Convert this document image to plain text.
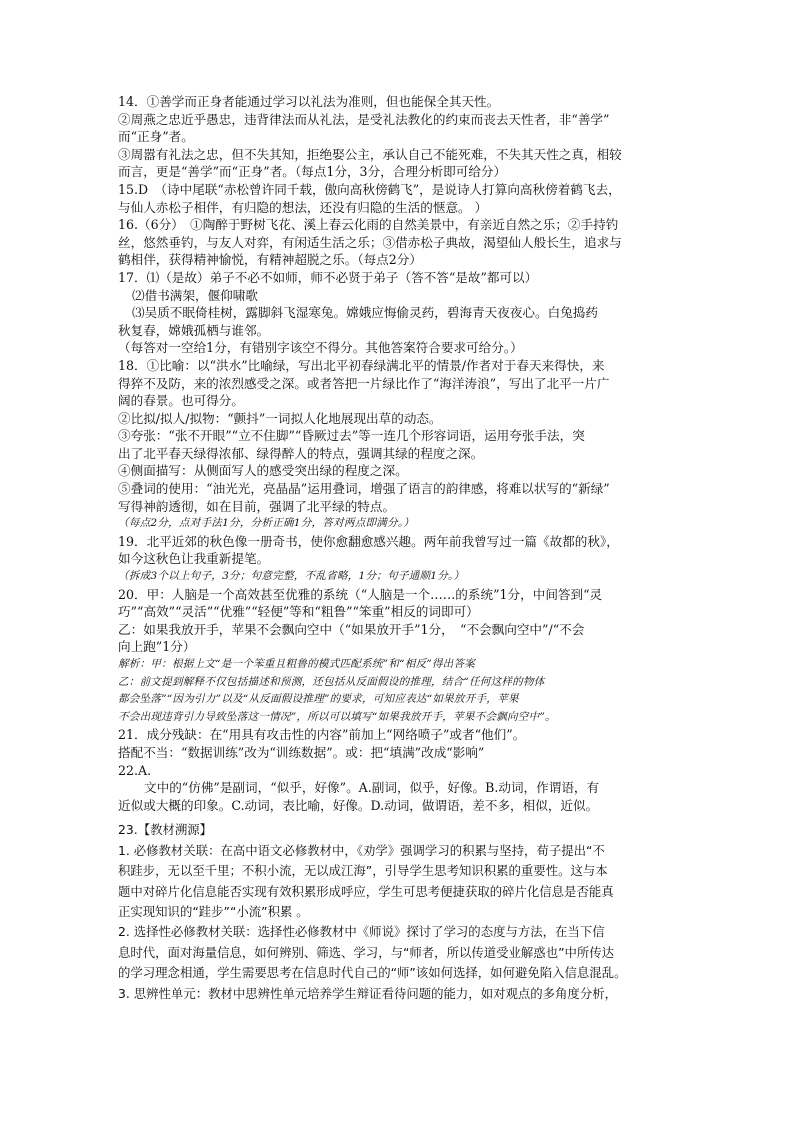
14．①善学而正身者能通过学习以礼法为准则，但也能保全其天性。
②周燕之忠近乎愚忠，违背律法而从礼法，是受礼法教化的约束而丧去天性者，非“善学”
而“正身”者。
③周嚣有礼法之忠，但不失其知，拒绝娶公主，承认自己不能死难，不失其天性之真，相较
而言，更是“善学”而“正身”者。（每点1分，3分，合理分析即可给分）
15.D　（诗中尾联“赤松曾许同千载，傲向高秋傍鹤飞”，是说诗人打算向高秋傍着鹤飞去，
与仙人赤松子相伴，有归隐的想法，还没有归隐的生活的惬意。 ）
16.（6分）　①陶醉于野树飞花、溪上春云化雨的自然美景中，有亲近自然之乐；②手持钓
丝，悠然垂钓，与友人对弈，有闲适生活之乐；③借赤松子典故，渴望仙人般长生，追求与
鹤相伴，获得精神愉悦，有精神超脱之乐。（每点2分）
17．⑴（是故）弟子不必不如师，师不必贤于弟子（答不答“是故”都可以）
⑵借书满架，偃仰啸歌
⑶吴质不眠倚桂树，露脚斜飞湿寒兔。嫦娥应悔偷灵药，碧海青天夜夜心。白兔捣药
秋复春，嫦娥孤栖与谁邻。
（每答对一空给1分，有错别字该空不得分。其他答案符合要求可给分。）
18．①比喻：以“洪水”比喻绿，写出北平初春绿满北平的情景/作者对于春天来得快，来
得猝不及防，来的浓烈感受之深。或者答把一片绿比作了“海洋涛浪”，写出了北平一片广
阔的春景。也可得分。
②比拟/拟人/拟物：“颤抖”一词拟人化地展现出草的动态。
③夸张：“张不开眼”“立不住脚”“昏厥过去”等一连几个形容词语，运用夸张手法，突
出了北平春天绿得浓郁、绿得醉人的特点，强调其绿的程度之深。
④侧面描写：从侧面写人的感受突出绿的程度之深。
⑤叠词的使用：“油光光，亮晶晶”运用叠词，增强了语言的韵律感，将难以状写的“新绿”
写得神韵透彻，如在目前，强调了北平绿的特点。
（每点2分，点对手法1分，分析正确1分，答对两点即满分。）
19．北平近郊的秋色像一册奇书，使你愈翻愈感兴趣。两年前我曾写过一篇《故都的秋》，
如今这秋色让我重新提笔。
（拆成3个以上句子，3分；句意完整，不乱省略，1分；句子通顺1分。）
20．甲：人脑是一个高效甚至优雅的系统（“人脑是一个……的系统”1分，中间答到“灵
巧”“高效”“灵活”“优雅”“轻便”等和“粗鲁”“笨重”相反的词即可）
乙：如果我放开手，苹果不会飘向空中（“如果放开手”1分，　“不会飘向空中”/“不会
向上跑”1分）
解析：甲：根据上文“是一个笨重且粗鲁的模式匹配系统”和“相反”得出答案
乙：前文提到解释不仅包括描述和预测，还包括从反面假设的推理，结合“任何这样的物体
都会坠落”“因为引力”以及“从反面假设推理”的要求，可知应表达“如果放开手，苹果
不会出现违背引力导致坠落这一情况”，所以可以填写“如果我放开手，苹果不会飘向空中”。
21．成分残缺：在“用具有攻击性的内容”前加上“网络喷子”或者“他们”。
搭配不当：“数据训练”改为“训练数据”。或：把“填满”改成“影响”
22.A.
文中的“仿佛”是副词，“似乎，好像”。A.副词，似乎，好像。B.动词，作谓语，有
近似或大概的印象。C.动词，表比喻，好像。D.动词，做谓语，差不多，相似，近似。
23.【教材溯源】
1. 必修教材关联：在高中语文必修教材中，《劝学》强调学习的积累与坚持，荀子提出“不
积跬步，无以至千里；不积小流，无以成江海”，引导学生思考知识积累的重要性。这与本
题中对碎片化信息能否实现有效积累形成呼应，学生可思考便捷获取的碎片化信息是否能真
正实现知识的“跬步”“小流”积累 。
2. 选择性必修教材关联：选择性必修教材中《师说》探讨了学习的态度与方法，在当下信
息时代，面对海量信息，如何辨别、筛选、学习，与“师者，所以传道受业解惑也”中所传达
的学习理念相通，学生需要思考在信息时代自己的“师”该如何选择，如何避免陷入信息混乱。
3. 思辨性单元：教材中思辨性单元培养学生辩证看待问题的能力，如对观点的多角度分析，
